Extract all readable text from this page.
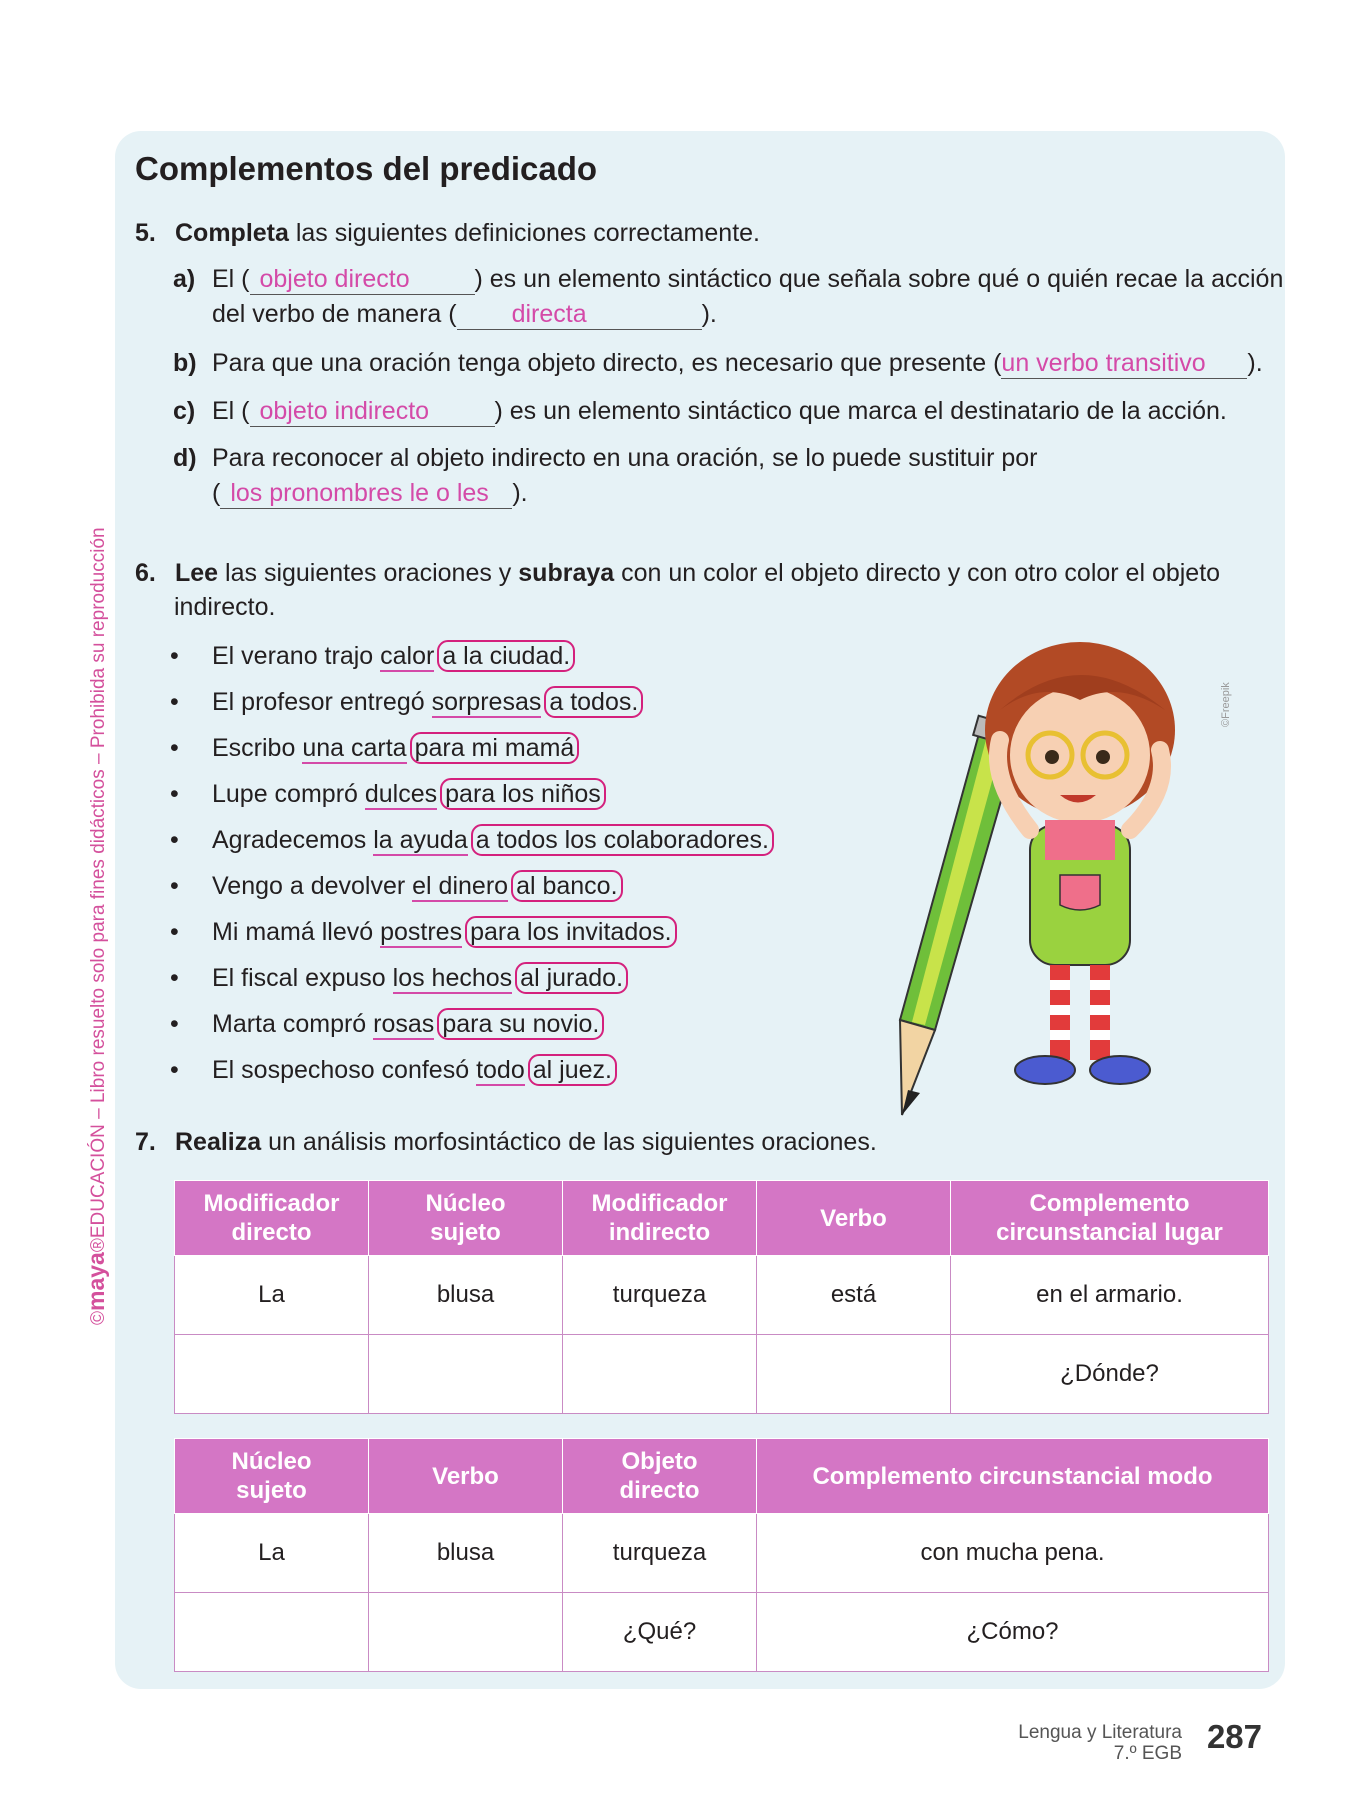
©maya®EDUCACIÓN – Libro resuelto solo para fines didácticos – Prohibida su reproducción
Complementos del predicado
5. Completa las siguientes definiciones correctamente.
a) El ( objeto directo	) es un elemento sintáctico que señala sobre qué o quién recae la acción
del verbo de manera ( directa	).
b) Para que una oración tenga objeto directo, es necesario que presente (un verbo transitivo ).
c) El ( objeto indirecto	) es un elemento sintáctico que marca el destinatario de la acción.
d) Para reconocer al objeto indirecto en una oración, se lo puede sustituir por
( los pronombres le o les ).
6. Lee las siguientes oraciones y subraya con un color el objeto directo y con otro color el objeto
indirecto.
• El verano trajo calor a la ciudad.
• El profesor entregó sorpresas a todos.
• Escribo una carta para mi mamá
• Lupe compró dulces para los niños
• Agradecemos la ayuda a todos los colaboradores.
• Vengo a devolver el dinero al banco.
• Mi mamá llevó postres para los invitados.
• El fiscal expuso los hechos al jurado.
• Marta compró rosas para su novio.
• El sospechoso confesó todo al juez.
©Freepik
7. Realiza un análisis morfosintáctico de las siguientes oraciones.
Modificador directo	Núcleo sujeto	Modificador indirecto	Verbo	Complemento circunstancial lugar
La	blusa	turqueza	está	en el armario.
				¿Dónde?
Núcleo sujeto	Verbo	Objeto directo	Complemento circunstancial modo
La	blusa	turqueza	con mucha pena.
		¿Qué?	¿Cómo?
Lengua y Literatura
7.º EGB 287
